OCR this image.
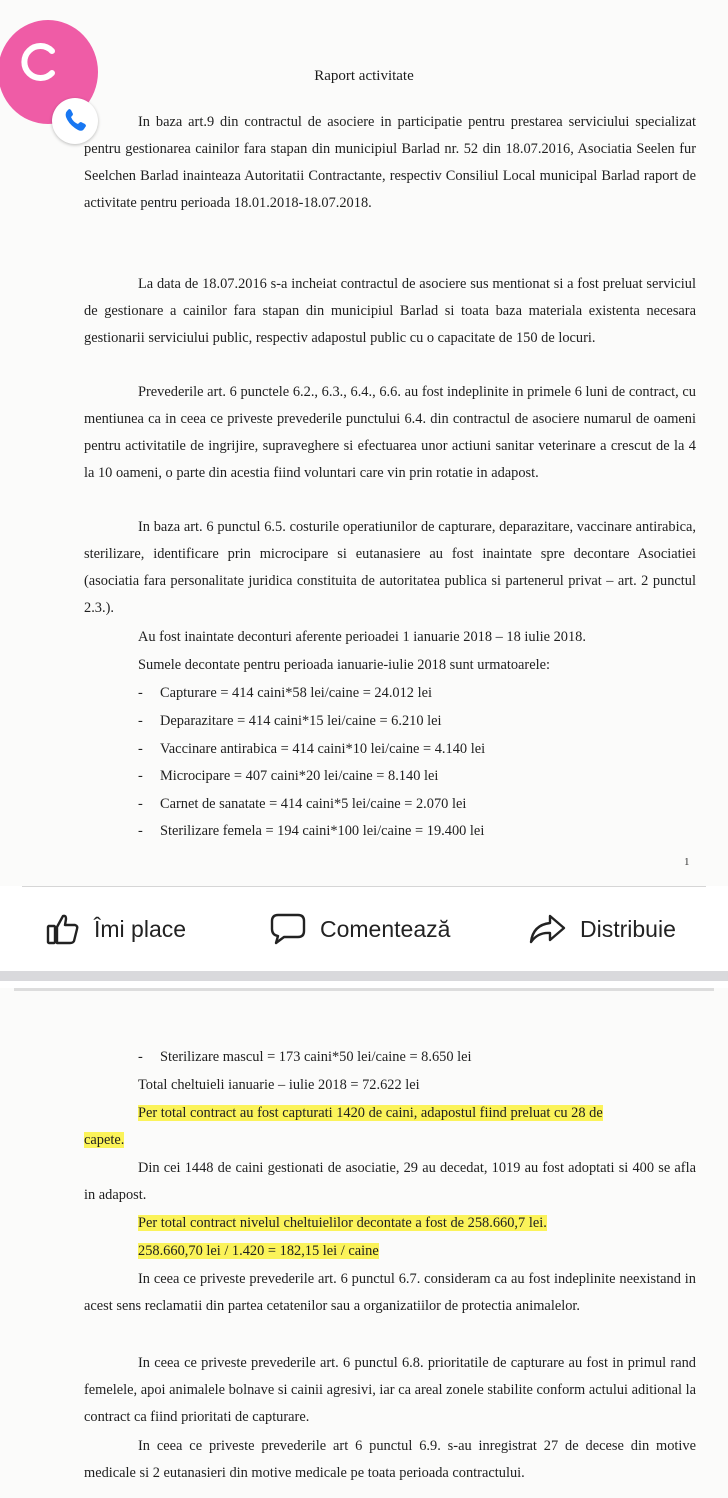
Raport activitate

In baza art.9 din contractul de asociere in participatie pentru prestarea serviciului specializat pentru gestionarea cainilor fara stapan din municipiul Barlad nr. 52 din 18.07.2016, Asociatia Seelen fur Seelchen Barlad inainteaza Autoritatii Contractante, respectiv Consiliul Local municipal Barlad raport de activitate pentru perioada 18.01.2018-18.07.2018.

La data de 18.07.2016 s-a incheiat contractul de asociere sus mentionat si a fost preluat serviciul de gestionare a cainilor fara stapan din municipiul Barlad si toata baza materiala existenta necesara gestionarii serviciului public, respectiv adapostul public cu o capacitate de 150 de locuri.

Prevederile art. 6 punctele 6.2., 6.3., 6.4., 6.6. au fost indeplinite in primele 6 luni de contract, cu mentiunea ca in ceea ce priveste prevederile punctului 6.4. din contractul de asociere numarul de oameni pentru activitatile de ingrijire, supraveghere si efectuarea unor actiuni sanitar veterinare a crescut de la 4 la 10 oameni, o parte din acestia fiind voluntari care vin prin rotatie in adapost.

In baza art. 6 punctul 6.5. costurile operatiunilor de capturare, deparazitare, vaccinare antirabica, sterilizare, identificare prin microcipare si eutanasiere au fost inaintate spre decontare Asociatiei (asociatia fara personalitate juridica constituita de autoritatea publica si partenerul privat – art. 2 punctul 2.3.).

Au fost inaintate deconturi aferente perioadei 1 ianuarie 2018 – 18 iulie 2018.
Sumele decontate pentru perioada ianuarie-iulie 2018 sunt urmatoarele:
- Capturare = 414 caini*58 lei/caine = 24.012 lei
- Deparazitare = 414 caini*15 lei/caine = 6.210 lei
- Vaccinare antirabica = 414 caini*10 lei/caine = 4.140 lei
- Microcipare = 407 caini*20 lei/caine = 8.140 lei
- Carnet de sanatate = 414 caini*5 lei/caine = 2.070 lei
- Sterilizare femela = 194 caini*100 lei/caine = 19.400 lei
1
Îmi place	Comentează	Distribuie
- Sterilizare mascul = 173 caini*50 lei/caine = 8.650 lei
Total cheltuieli ianuarie – iulie 2018 = 72.622 lei
Per total contract au fost capturati 1420 de caini, adapostul fiind preluat cu 28 de
capete.

Din cei 1448 de caini gestionati de asociatie, 29 au decedat, 1019 au fost adoptati si 400 se afla in adapost.

Per total contract nivelul cheltuielilor decontate a fost de 258.660,7 lei.
258.660,70 lei / 1.420 = 182,15 lei / caine

In ceea ce priveste prevederile art. 6 punctul 6.7. consideram ca au fost indeplinite neexistand in acest sens reclamatii din partea cetatenilor sau a organizatiilor de protectia animalelor.

In ceea ce priveste prevederile art. 6 punctul 6.8. prioritatile de capturare au fost in primul rand femelele, apoi animalele bolnave si cainii agresivi, iar ca areal zonele stabilite conform actului aditional la contract ca fiind prioritati de capturare.

In ceea ce priveste prevederile art 6 punctul 6.9. s-au inregistrat 27 de decese din motive medicale si 2 eutanasieri din motive medicale pe toata perioada contractului.
